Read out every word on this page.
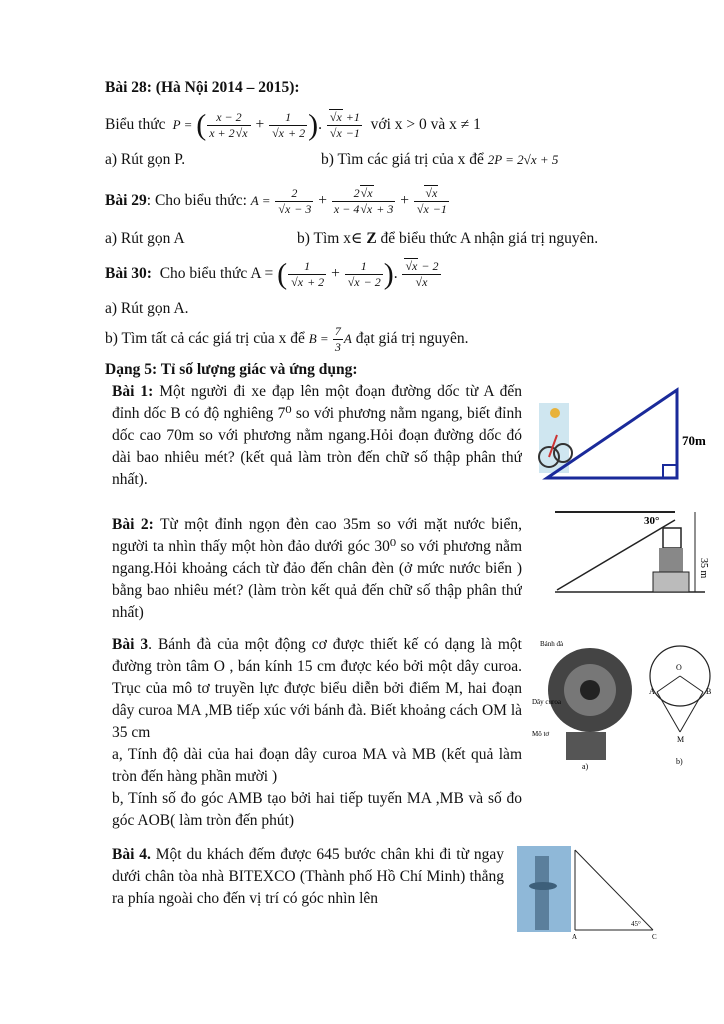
Bài 28: (Hà Nội 2014 – 2015):
Biểu thức  P = ( $\frac{x - 2}{x + 2√x} + \frac{1}{√x + 2}$ ). $\frac{√x +1}{√x -1}$ với x > 0 và x ≠ 1
a) Rút gọn P.	b) Tìm các giá trị của x để 2P = 2√x + 5
Bài 29: Cho biểu thức: $A = \frac{2}{√x - 3} + \frac{2√x}{x - 4√x + 3} + \frac{√x}{√x -1}$
a) Rút gọn A	b) Tìm x∈ Z để biểu thức A nhận giá trị nguyên.
Bài 30: Cho biểu thức A = ( $\frac{1}{√x + 2} + \frac{1}{√x - 2}$ ). $\frac{√x - 2}{√x}$
a) Rút gọn A.
b) Tìm tất cả các giá trị của x để $B = \frac{7}{3}$ A đạt giá trị nguyên.
Dạng 5: Tỉ số lượng giác và ứng dụng:
Bài 1: Một người đi xe đạp lên một đoạn đường dốc từ A đến đỉnh dốc B có độ nghiêng 7⁰ so với phương nằm ngang, biết đỉnh dốc cao 70m so với phương nằm ngang.Hỏi đoạn đường dốc đó dài bao nhiêu mét? (kết quả làm tròn đến chữ số thập phân thứ nhất).
70m
Bài 2: Từ một đỉnh ngọn đèn cao 35m so với mặt nước biển, người ta nhìn thấy một hòn đảo dưới góc 30⁰ so với phương nằm ngang.Hỏi khoảng cách từ đảo đến chân đèn (ở mức nước biển ) bằng bao nhiêu mét? (làm tròn kết quả đến chữ số thập phân thứ nhất)
30°
35 m
Bài 3. Bánh đà của một động cơ được thiết kế có dạng là một đường tròn tâm O , bán kính 15 cm được kéo bởi một dây curoa. Trục của mô tơ truyền lực được biểu diễn bởi điểm M, hai đoạn dây curoa MA ,MB tiếp xúc với bánh đà. Biết khoảng cách OM là 35 cm
a, Tính độ dài của hai đoạn dây curoa MA và MB (kết quả làm tròn đến hàng phần mười )
b, Tính số đo góc AMB tạo bởi hai tiếp tuyến MA ,MB và số đo góc AOB( làm tròn đến phút)
Bánh đà
Dây curoa
Mô tơ
a)
O
A	B
M
b)
Bài 4. Một du khách đếm được 645 bước chân khi đi từ ngay dưới chân tòa nhà BITEXCO (Thành phố Hồ Chí Minh) thẳng ra phía ngoài cho đến vị trí có góc nhìn lên
45°
A	C
